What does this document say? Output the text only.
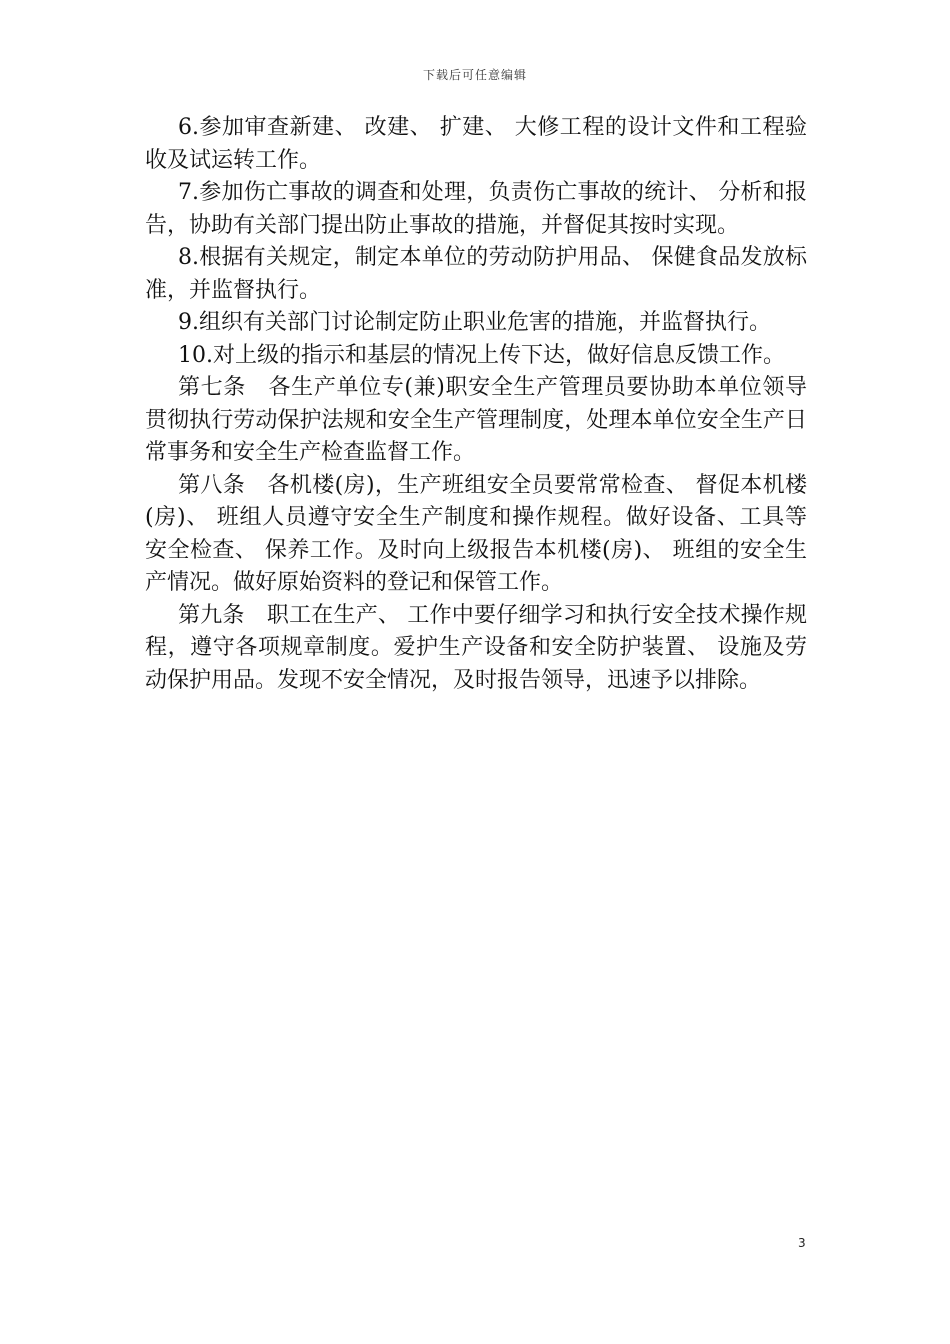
下载后可任意编辑

6.参加审查新建、 改建、 扩建、 大修工程的设计文件和工程验收及试运转工作。

7.参加伤亡事故的调查和处理，负责伤亡事故的统计、 分析和报告，协助有关部门提出防止事故的措施，并督促其按时实现。

8.根据有关规定，制定本单位的劳动防护用品、 保健食品发放标准，并监督执行。

9.组织有关部门讨论制定防止职业危害的措施，并监督执行。

10.对上级的指示和基层的情况上传下达，做好信息反馈工作。

第七条　各生产单位专(兼)职安全生产管理员要协助本单位领导贯彻执行劳动保护法规和安全生产管理制度，处理本单位安全生产日常事务和安全生产检查监督工作。

第八条　各机楼(房)，生产班组安全员要常常检查、 督促本机楼(房)、 班组人员遵守安全生产制度和操作规程。做好设备、工具等安全检查、 保养工作。及时向上级报告本机楼(房)、 班组的安全生产情况。做好原始资料的登记和保管工作。

第九条　职工在生产、 工作中要仔细学习和执行安全技术操作规程，遵守各项规章制度。爱护生产设备和安全防护装置、 设施及劳动保护用品。发现不安全情况，及时报告领导，迅速予以排除。

3
